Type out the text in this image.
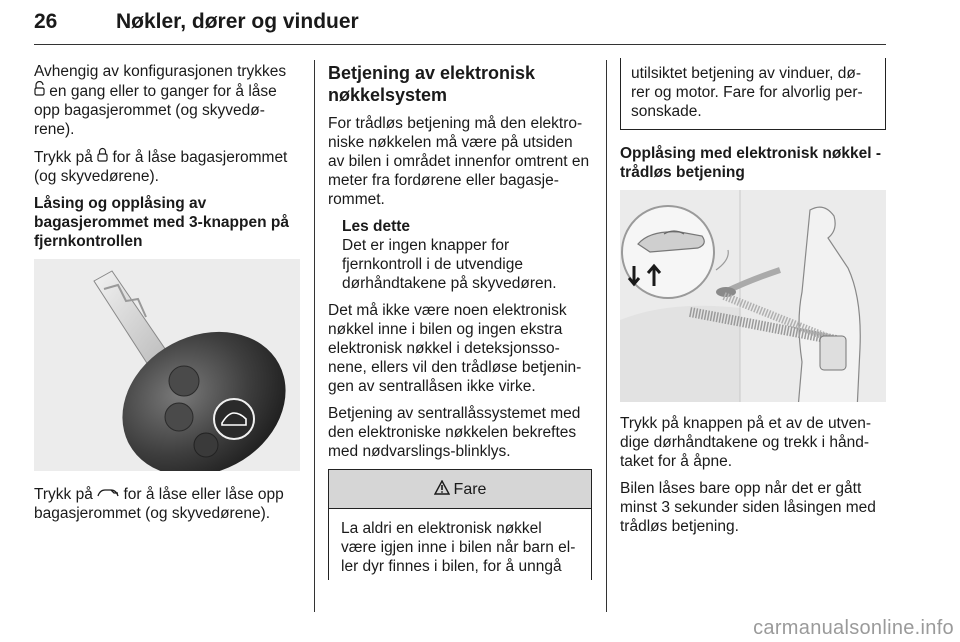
26	Nøkler, dører og vinduer

Avhengig av konfigurasjonen trykkes
en gang eller to ganger for å låse opp bagasjerommet (og skyvedø-rene).

Trykk på  for å låse bagasjerommet (og skyvedørene).

Låsing og opplåsing av bagasjerommet med 3-knappen på fjernkontrollen

Trykk på  for å låse eller låse opp bagasjerommet (og skyvedørene).

Betjening av elektronisk nøkkelsystem

For trådløs betjening må den elektro-niske nøkkelen må være på utsiden av bilen i området innenfor omtrent en meter fra fordørene eller bagasje-rommet.

Les dette
Det er ingen knapper for fjernkontroll i de utvendige dørhåndtakene på skyvedøren.

Det må ikke være noen elektronisk nøkkel inne i bilen og ingen ekstra elektronisk nøkkel i deteksjonsso-nene, ellers vil den trådløse betjenin-gen av sentrallåsen ikke virke.

Betjening av sentrallåssystemet med den elektroniske nøkkelen bekreftes med nødvarslings-blinklys.

Fare
La aldri en elektronisk nøkkel være igjen inne i bilen når barn el-ler dyr finnes i bilen, for å unngå
utilsiktet betjening av vinduer, dø-rer og motor. Fare for alvorlig per-sonskade.
Opplåsing med elektronisk nøkkel - trådløs betjening

Trykk på knappen på et av de utven-dige dørhåndtakene og trekk i hånd-taket for å åpne.

Bilen låses bare opp når det er gått minst 3 sekunder siden låsingen med trådløs betjening.

carmanualsonline.info
